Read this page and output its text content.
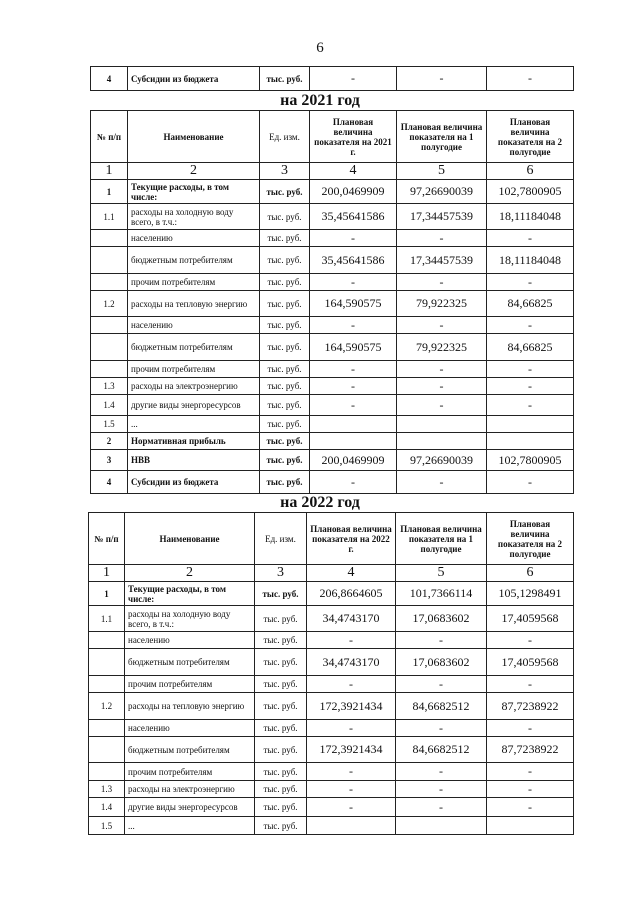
6
4	Субсидии из бюджета	тыс. руб.	-	-	-
на 2021 год
№ п/п	Наименование	Ед. изм.	Плановая величина показателя на 2021 г.	Плановая величина показателя на 1 полугодие	Плановая величина показателя на 2 полугодие
1	2	3	4	5	6
1	Текущие расходы, в том числе:	тыс. руб.	200,0469909	97,26690039	102,7800905
1.1	расходы на холодную воду всего, в т.ч.:	тыс. руб.	35,45641586	17,34457539	18,11184048
	населению	тыс. руб.	-	-	-
	бюджетным потребителям	тыс. руб.	35,45641586	17,34457539	18,11184048
	прочим потребителям	тыс. руб.	-	-	-
1.2	расходы на тепловую энергию	тыс. руб.	164,590575	79,922325	84,66825
	населению	тыс. руб.	-	-	-
	бюджетным потребителям	тыс. руб.	164,590575	79,922325	84,66825
	прочим потребителям	тыс. руб.	-	-	-
1.3	расходы на электроэнергию	тыс. руб.	-	-	-
1.4	другие виды энергоресурсов	тыс. руб.	-	-	-
1.5	...	тыс. руб.			
2	Нормативная прибыль	тыс. руб.			
3	НВВ	тыс. руб.	200,0469909	97,26690039	102,7800905
4	Субсидии из бюджета	тыс. руб.	-	-	-
на 2022 год
№ п/п	Наименование	Ед. изм.	Плановая величина показателя на 2022 г.	Плановая величина показателя на 1 полугодие	Плановая величина показателя на 2 полугодие
1	2	3	4	5	6
1	Текущие расходы, в том числе:	тыс. руб.	206,8664605	101,7366114	105,1298491
1.1	расходы на холодную воду всего, в т.ч.:	тыс. руб.	34,4743170	17,0683602	17,4059568
	населению	тыс. руб.	-	-	-
	бюджетным потребителям	тыс. руб.	34,4743170	17,0683602	17,4059568
	прочим потребителям	тыс. руб.	-	-	-
1.2	расходы на тепловую энергию	тыс. руб.	172,3921434	84,6682512	87,7238922
	населению	тыс. руб.	-	-	-
	бюджетным потребителям	тыс. руб.	172,3921434	84,6682512	87,7238922
	прочим потребителям	тыс. руб.	-	-	-
1.3	расходы на электроэнергию	тыс. руб.	-	-	-
1.4	другие виды энергоресурсов	тыс. руб.	-	-	-
1.5	...	тыс. руб.			
